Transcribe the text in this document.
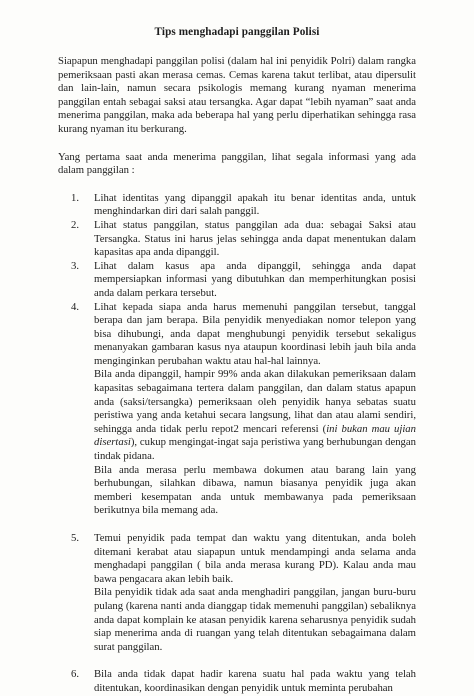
Tips menghadapi panggilan Polisi

Siapapun menghadapi panggilan polisi (dalam hal ini penyidik Polri) dalam rangka pemeriksaan pasti akan merasa cemas. Cemas karena takut terlibat, atau dipersulit dan lain-lain, namun secara psikologis memang kurang nyaman menerima panggilan entah sebagai saksi atau tersangka. Agar dapat “lebih nyaman” saat anda menerima panggilan, maka ada beberapa hal yang perlu diperhatikan sehingga rasa kurang nyaman itu berkurang.

Yang pertama saat anda menerima panggilan, lihat segala informasi yang ada dalam panggilan :

1. Lihat identitas yang dipanggil apakah itu benar identitas anda, untuk menghindarkan diri dari salah panggil.

2. Lihat status panggilan, status panggilan ada dua: sebagai Saksi atau Tersangka. Status ini harus jelas sehingga anda dapat menentukan dalam kapasitas apa anda dipanggil.

3. Lihat dalam kasus apa anda dipanggil, sehingga anda dapat mempersiapkan informasi yang dibutuhkan dan memperhitungkan posisi anda dalam perkara tersebut.

4. Lihat kepada siapa anda harus memenuhi panggilan tersebut, tanggal berapa dan jam berapa. Bila penyidik menyediakan nomor telepon yang bisa dihubungi, anda dapat menghubungi penyidik tersebut sekaligus menanyakan gambaran kasus nya ataupun koordinasi lebih jauh bila anda menginginkan perubahan waktu atau hal-hal lainnya.

Bila anda dipanggil, hampir 99% anda akan dilakukan pemeriksaan dalam kapasitas sebagaimana tertera dalam panggilan, dan dalam status apapun anda (saksi/tersangka) pemeriksaan oleh penyidik hanya sebatas suatu peristiwa yang anda ketahui secara langsung, lihat dan atau alami sendiri, sehingga anda tidak perlu repot2 mencari referensi (ini bukan mau ujian disertasi), cukup mengingat-ingat saja peristiwa yang berhubungan dengan tindak pidana.

Bila anda merasa perlu membawa dokumen atau barang lain yang berhubungan, silahkan dibawa, namun biasanya penyidik juga akan memberi kesempatan anda untuk membawanya pada pemeriksaan berikutnya bila memang ada.

5. Temui penyidik pada tempat dan waktu yang ditentukan, anda boleh ditemani kerabat atau siapapun untuk mendampingi anda selama anda menghadapi panggilan ( bila anda merasa kurang PD). Kalau anda mau bawa pengacara akan lebih baik.

Bila penyidik tidak ada saat anda menghadiri panggilan, jangan buru-buru pulang (karena nanti anda dianggap tidak memenuhi panggilan) sebaliknya anda dapat komplain ke atasan penyidik karena seharusnya penyidik sudah siap menerima anda di ruangan yang telah ditentukan sebagaimana dalam surat panggilan.

6. Bila anda tidak dapat hadir karena suatu hal pada waktu yang telah ditentukan, koordinasikan dengan penyidik untuk meminta perubahan
